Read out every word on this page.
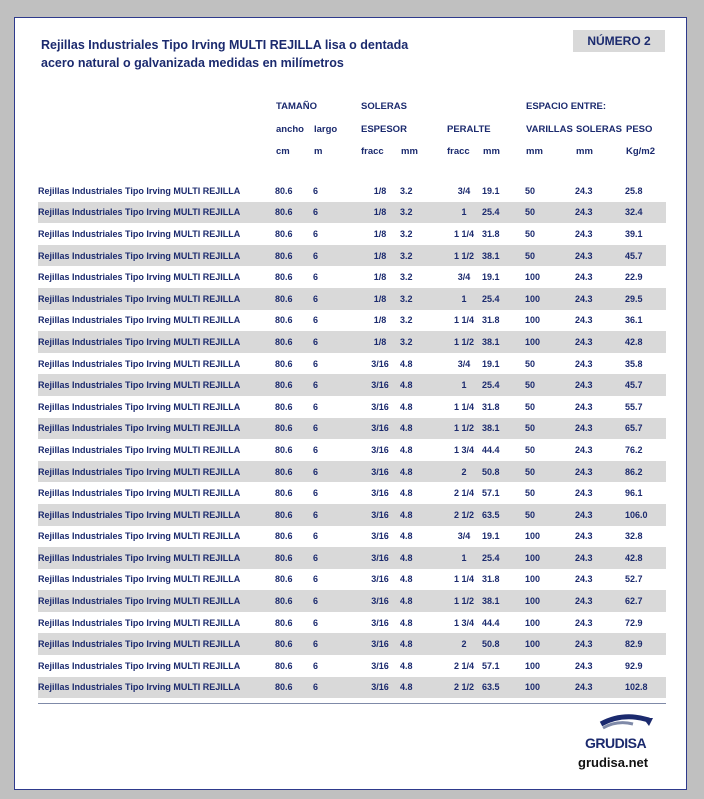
Rejillas Industriales Tipo Irving MULTI REJILLA lisa o dentada

acero natural o galvanizada medidas en milímetros

NÚMERO 2
TAMAÑO	SOLERAS	ESPACIO ENTRE:
ancho largo	ESPESOR	PERALTE	VARILLAS SOLERAS PESO
cm	m	fracc mm	fracc mm	mm	mm	Kg/m2
Rejillas Industriales Tipo Irving MULTI REJILLA	80.6	6	1/8	3.2	3/4	19.1	50	24.3	25.8
Rejillas Industriales Tipo Irving MULTI REJILLA	80.6	6	1/8	3.2	1	25.4	50	24.3	32.4
Rejillas Industriales Tipo Irving MULTI REJILLA	80.6	6	1/8	3.2	1 1/4	31.8	50	24.3	39.1
Rejillas Industriales Tipo Irving MULTI REJILLA	80.6	6	1/8	3.2	1 1/2	38.1	50	24.3	45.7
Rejillas Industriales Tipo Irving MULTI REJILLA	80.6	6	1/8	3.2	3/4	19.1	100	24.3	22.9
Rejillas Industriales Tipo Irving MULTI REJILLA	80.6	6	1/8	3.2	1	25.4	100	24.3	29.5
Rejillas Industriales Tipo Irving MULTI REJILLA	80.6	6	1/8	3.2	1 1/4	31.8	100	24.3	36.1
Rejillas Industriales Tipo Irving MULTI REJILLA	80.6	6	1/8	3.2	1 1/2	38.1	100	24.3	42.8
Rejillas Industriales Tipo Irving MULTI REJILLA	80.6	6	3/16	4.8	3/4	19.1	50	24.3	35.8
Rejillas Industriales Tipo Irving MULTI REJILLA	80.6	6	3/16	4.8	1	25.4	50	24.3	45.7
Rejillas Industriales Tipo Irving MULTI REJILLA	80.6	6	3/16	4.8	1 1/4	31.8	50	24.3	55.7
Rejillas Industriales Tipo Irving MULTI REJILLA	80.6	6	3/16	4.8	1 1/2	38.1	50	24.3	65.7
Rejillas Industriales Tipo Irving MULTI REJILLA	80.6	6	3/16	4.8	1 3/4	44.4	50	24.3	76.2
Rejillas Industriales Tipo Irving MULTI REJILLA	80.6	6	3/16	4.8	2	50.8	50	24.3	86.2
Rejillas Industriales Tipo Irving MULTI REJILLA	80.6	6	3/16	4.8	2 1/4	57.1	50	24.3	96.1
Rejillas Industriales Tipo Irving MULTI REJILLA	80.6	6	3/16	4.8	2 1/2	63.5	50	24.3	106.0
Rejillas Industriales Tipo Irving MULTI REJILLA	80.6	6	3/16	4.8	3/4	19.1	100	24.3	32.8
Rejillas Industriales Tipo Irving MULTI REJILLA	80.6	6	3/16	4.8	1	25.4	100	24.3	42.8
Rejillas Industriales Tipo Irving MULTI REJILLA	80.6	6	3/16	4.8	1 1/4	31.8	100	24.3	52.7
Rejillas Industriales Tipo Irving MULTI REJILLA	80.6	6	3/16	4.8	1 1/2	38.1	100	24.3	62.7
Rejillas Industriales Tipo Irving MULTI REJILLA	80.6	6	3/16	4.8	1 3/4	44.4	100	24.3	72.9
Rejillas Industriales Tipo Irving MULTI REJILLA	80.6	6	3/16	4.8	2	50.8	100	24.3	82.9
Rejillas Industriales Tipo Irving MULTI REJILLA	80.6	6	3/16	4.8	2 1/4	57.1	100	24.3	92.9
Rejillas Industriales Tipo Irving MULTI REJILLA	80.6	6	3/16	4.8	2 1/2	63.5	100	24.3	102.8
GRUDISA
grudisa.net
